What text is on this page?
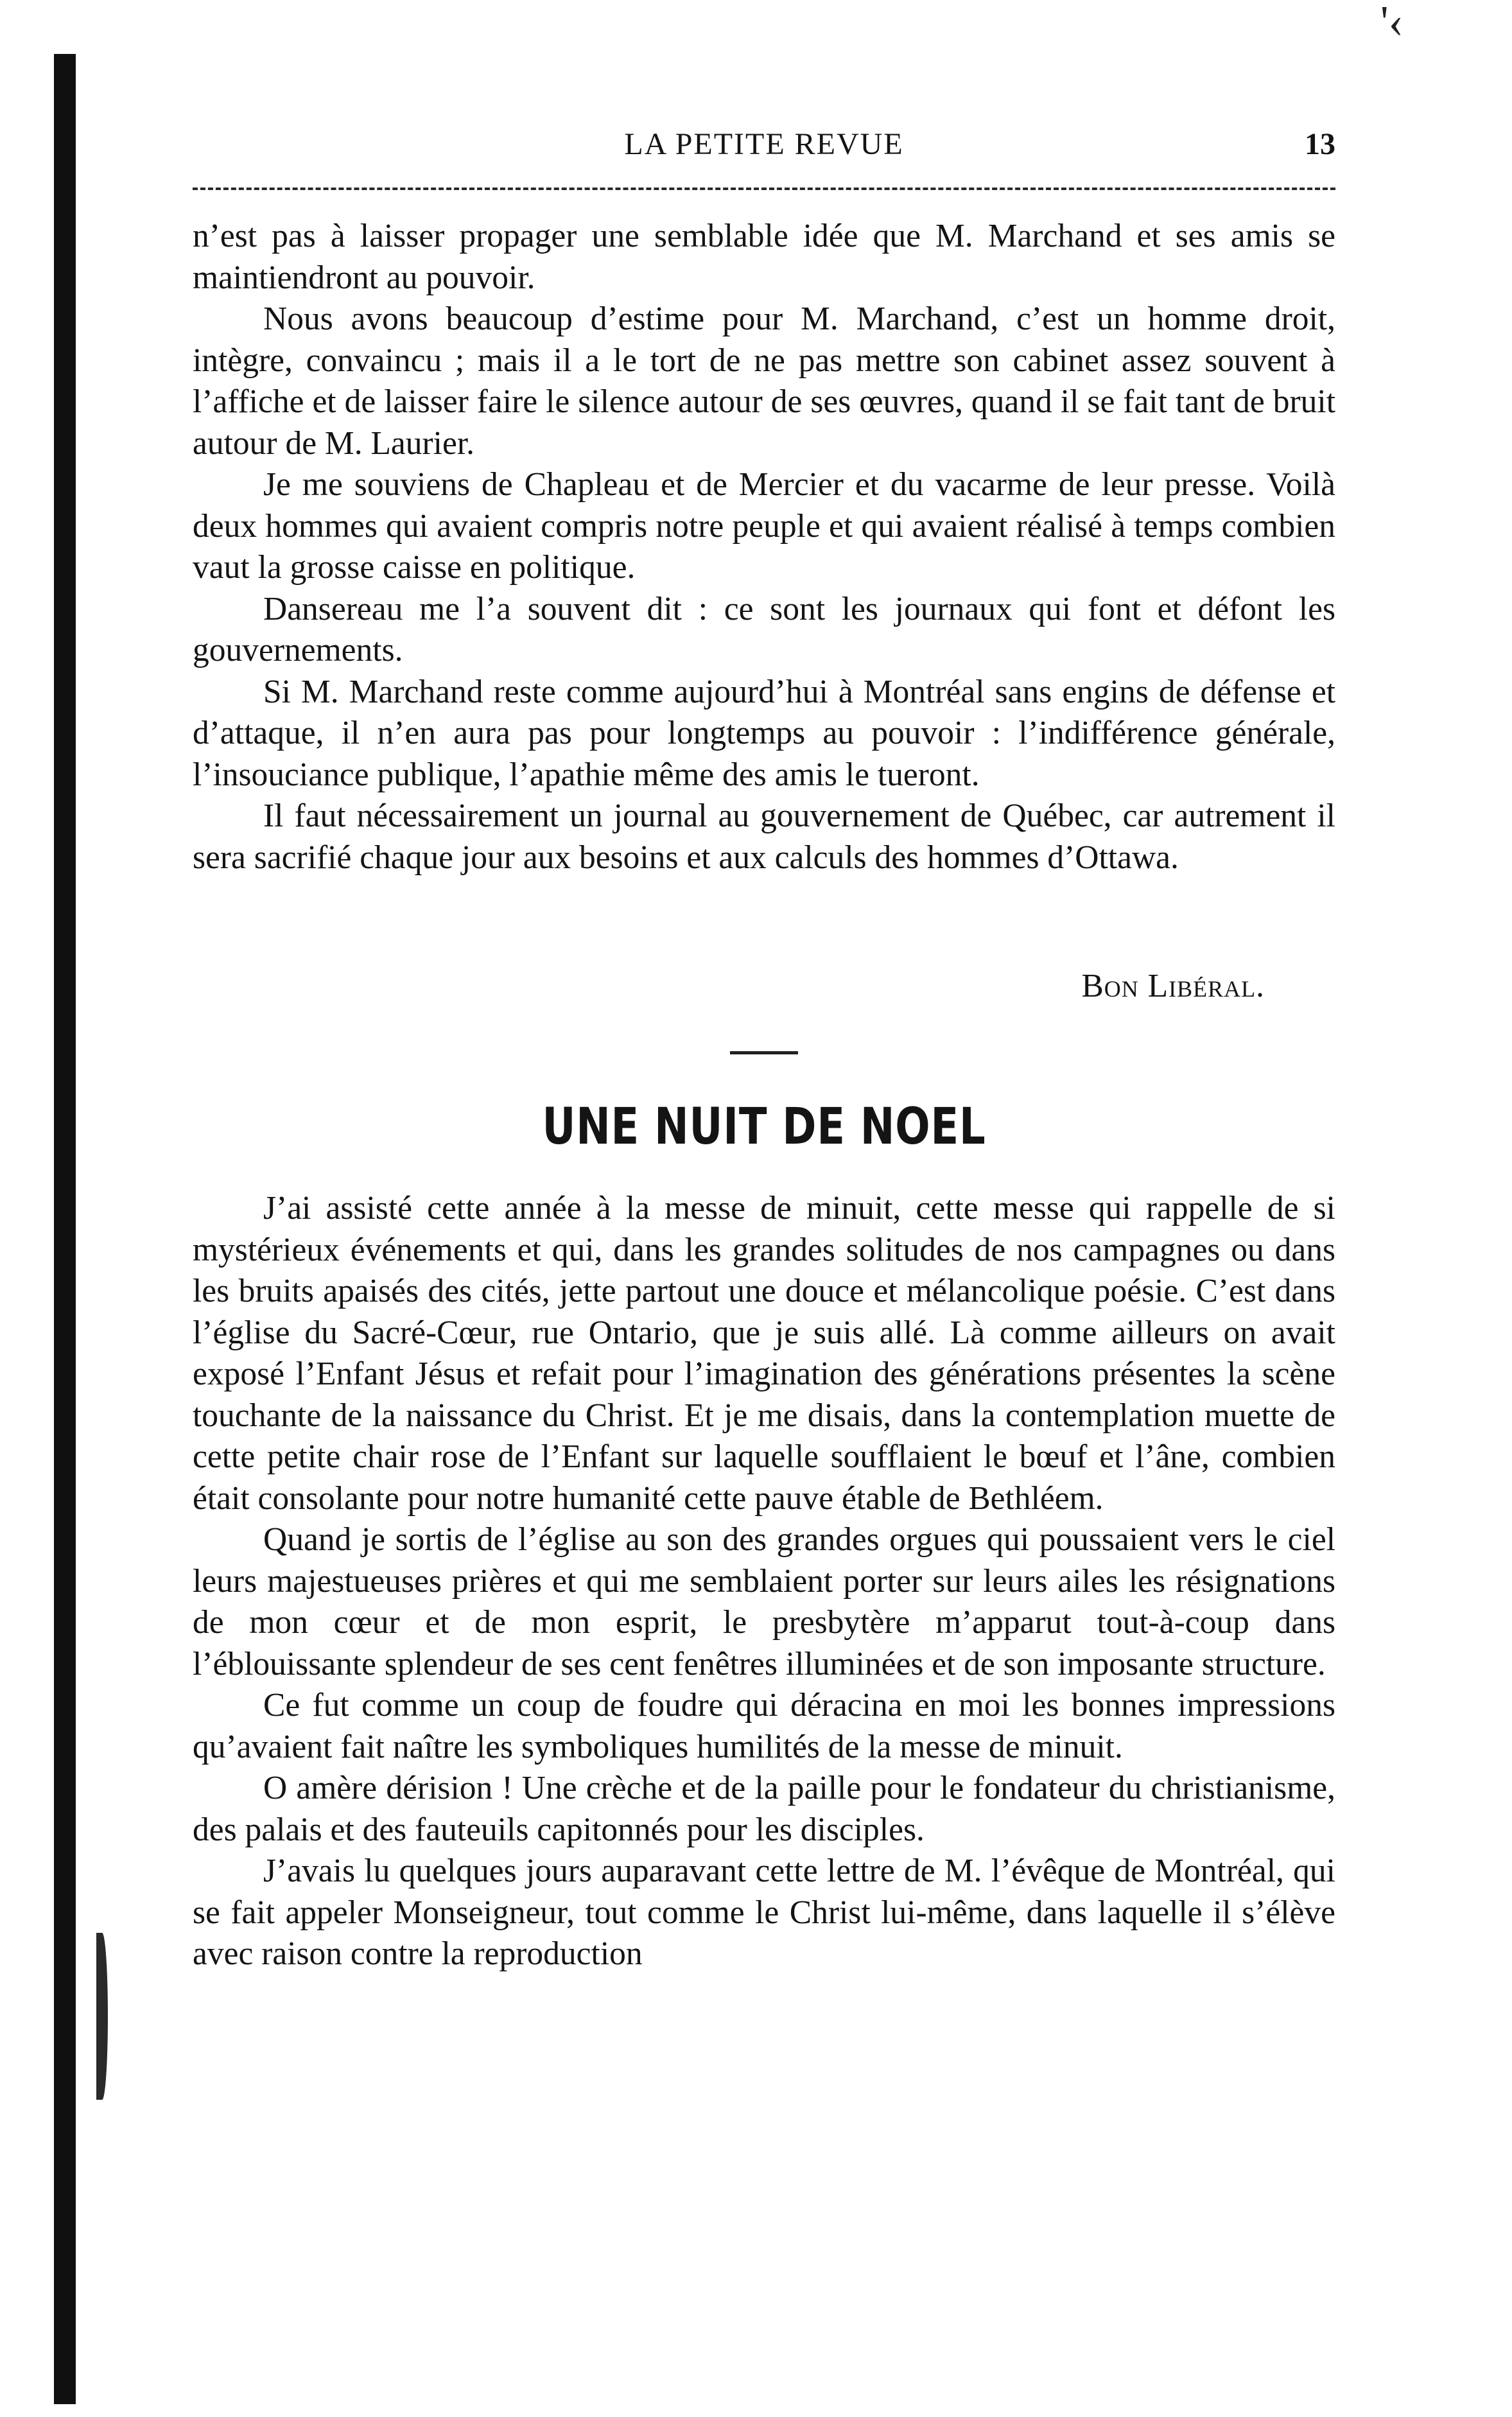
'‹
LA PETITE REVUE	13

n’est pas à laisser propager une semblable idée que M. Marchand et ses amis se maintiendront au pouvoir.

Nous avons beaucoup d’estime pour M. Marchand, c’est un homme droit, intègre, convaincu ; mais il a le tort de ne pas mettre son cabinet assez souvent à l’affiche et de laisser faire le silence autour de ses œuvres, quand il se fait tant de bruit autour de M. Laurier.

Je me souviens de Chapleau et de Mercier et du vacarme de leur presse. Voilà deux hommes qui avaient compris notre peuple et qui avaient réalisé à temps combien vaut la grosse caisse en politique.

Dansereau me l’a souvent dit : ce sont les journaux qui font et défont les gouvernements.

Si M. Marchand reste comme aujourd’hui à Montréal sans engins de défense et d’attaque, il n’en aura pas pour longtemps au pouvoir : l’indifférence générale, l’insouciance publique, l’apathie même des amis le tueront.

Il faut nécessairement un journal au gouvernement de Québec, car autrement il sera sacrifié chaque jour aux besoins et aux calculs des hommes d’Ottawa.

Bon Libéral.
UNE NUIT DE NOEL

J’ai assisté cette année à la messe de minuit, cette messe qui rappelle de si mystérieux événements et qui, dans les grandes solitudes de nos campagnes ou dans les bruits apaisés des cités, jette partout une douce et mélancolique poésie. C’est dans l’église du Sacré-Cœur, rue Ontario, que je suis allé. Là comme ailleurs on avait exposé l’Enfant Jésus et refait pour l’imagination des générations présentes la scène touchante de la naissance du Christ. Et je me disais, dans la contemplation muette de cette petite chair rose de l’Enfant sur laquelle soufflaient le bœuf et l’âne, combien était consolante pour notre humanité cette pauve étable de Bethléem.

Quand je sortis de l’église au son des grandes orgues qui poussaient vers le ciel leurs majestueuses prières et qui me semblaient porter sur leurs ailes les résignations de mon cœur et de mon esprit, le presbytère m’apparut tout-à-coup dans l’éblouissante splendeur de ses cent fenêtres illuminées et de son imposante structure.

Ce fut comme un coup de foudre qui déracina en moi les bonnes impressions qu’avaient fait naître les symboliques humilités de la messe de minuit.

O amère dérision ! Une crèche et de la paille pour le fondateur du christianisme, des palais et des fauteuils capitonnés pour les disciples.

J’avais lu quelques jours auparavant cette lettre de M. l’évêque de Montréal, qui se fait appeler Monseigneur, tout comme le Christ lui-même, dans laquelle il s’élève avec raison contre la reproduction
